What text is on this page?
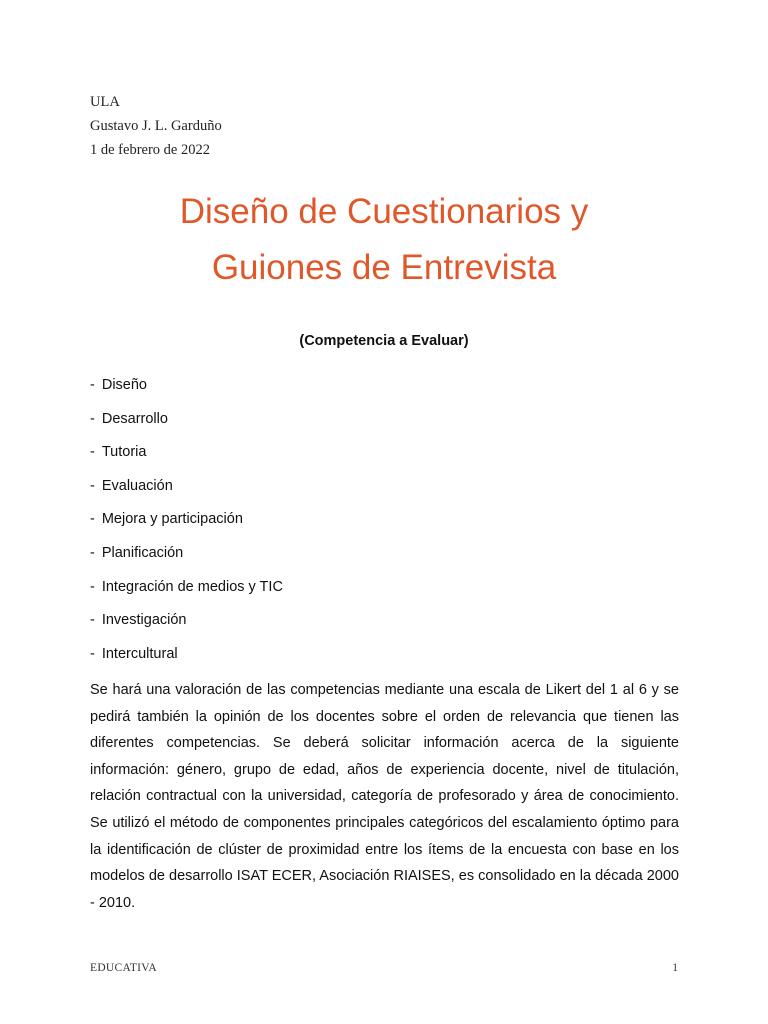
ULA
Gustavo J. L. Garduño
1 de febrero de 2022
Diseño de Cuestionarios y
Guiones de Entrevista
(Competencia a Evaluar)
- Diseño
- Desarrollo
- Tutoria
- Evaluación
- Mejora y participación
- Planificación
- Integración de medios y TIC
- Investigación
- Intercultural

Se hará una valoración de las competencias mediante una escala de Likert del 1 al 6 y se pedirá también la opinión de los docentes sobre el orden de relevancia que tienen las diferentes competencias. Se deberá solicitar información acerca de la siguiente información: género, grupo de edad, años de experiencia docente, nivel de titulación, relación contractual con la universidad, categoría de profesorado y área de conocimiento. Se utilizó el método de componentes principales categóricos del escalamiento óptimo para la identificación de clúster de proximidad entre los ítems de la encuesta con base en los modelos de desarrollo ISAT ECER, Asociación RIAISES, es consolidado en la década 2000 - 2010.

EDUCATIVA	1
